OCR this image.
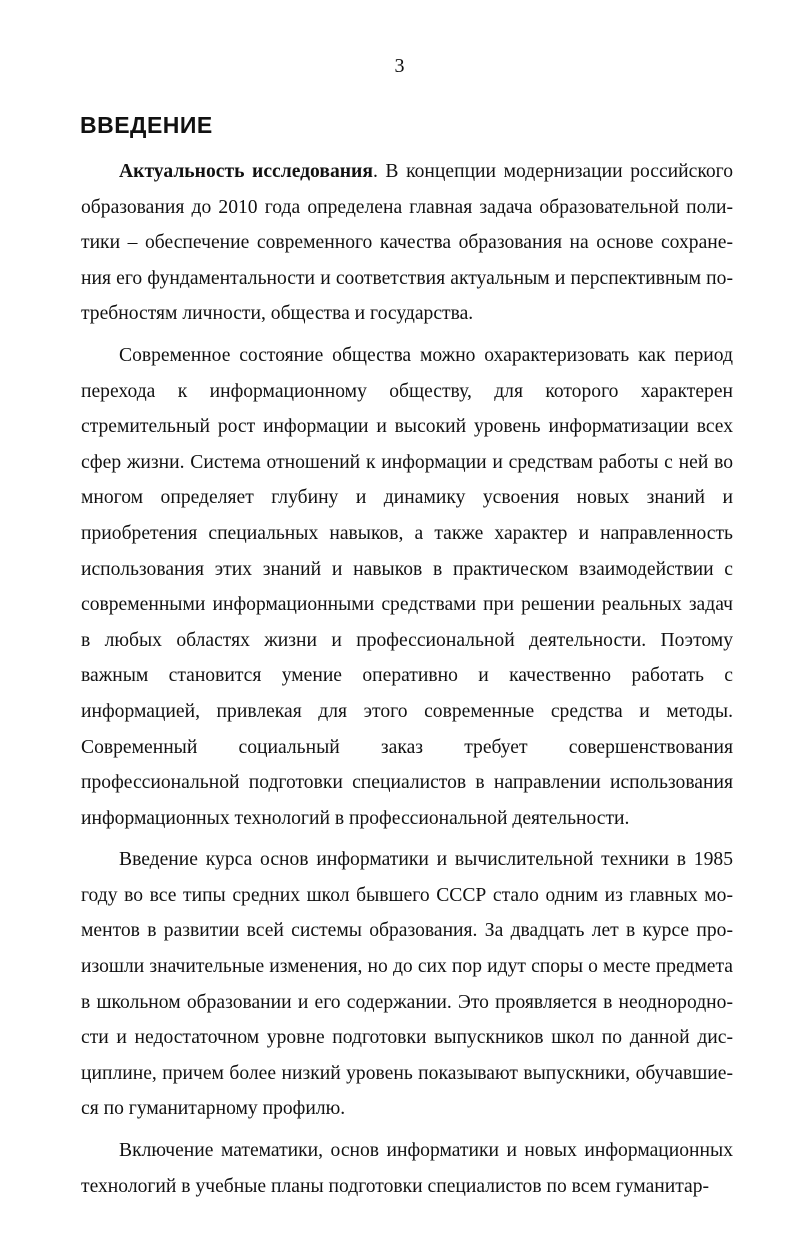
3
ВВЕДЕНИЕ

Актуальность исследования. В концепции модернизации российского образования до 2010 года определена главная задача образовательной политики – обеспечение современного качества образования на основе сохранения его фундаментальности и соответствия актуальным и перспективным потребностям личности, общества и государства.

Современное состояние общества можно охарактеризовать как период перехода к информационному обществу, для которого характерен стремительный рост информации и высокий уровень информатизации всех сфер жизни. Система отношений к информации и средствам работы с ней во многом определяет глубину и динамику усвоения новых знаний и приобретения специальных навыков, а также характер и направленность использования этих знаний и навыков в практическом взаимодействии с современными информационными средствами при решении реальных задач в любых областях жизни и профессиональной деятельности. Поэтому важным становится умение оперативно и качественно работать с информацией, привлекая для этого современные средства и методы. Современный социальный заказ требует совершенствования профессиональной подготовки специалистов в направлении использования информационных технологий в профессиональной деятельности.

Введение курса основ информатики и вычислительной техники в 1985 году во все типы средних школ бывшего СССР стало одним из главных моментов в развитии всей системы образования. За двадцать лет в курсе произошли значительные изменения, но до сих пор идут споры о месте предмета в школьном образовании и его содержании. Это проявляется в неоднородности и недостаточном уровне подготовки выпускников школ по данной дисциплине, причем более низкий уровень показывают выпускники, обучавшиеся по гуманитарному профилю.

Включение математики, основ информатики и новых информационных технологий в учебные планы подготовки специалистов по всем гуманитар-
